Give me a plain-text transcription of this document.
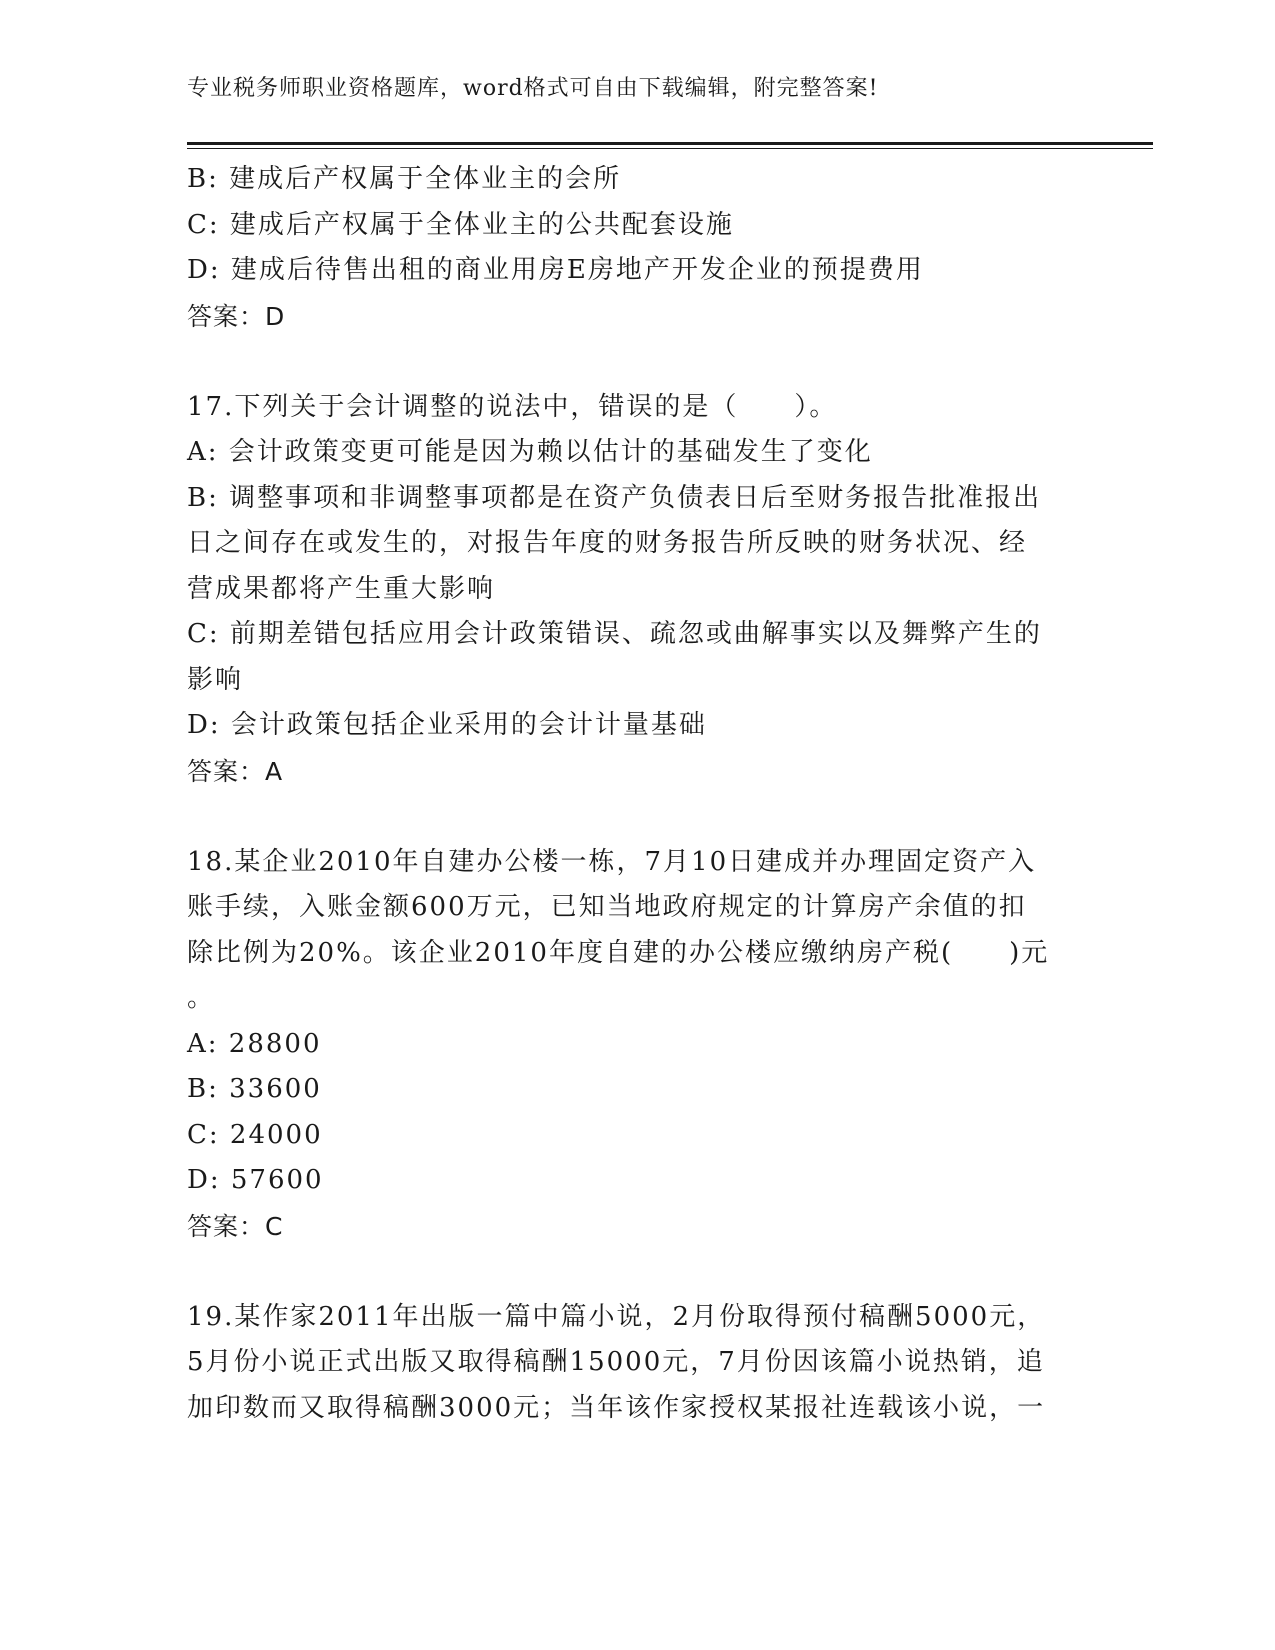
专业税务师职业资格题库，word格式可自由下载编辑，附完整答案!
B: 建成后产权属于全体业主的会所
C: 建成后产权属于全体业主的公共配套设施
D: 建成后待售出租的商业用房E房地产开发企业的预提费用
答案：D
17.下列关于会计调整的说法中，错误的是（　　）。
A: 会计政策变更可能是因为赖以估计的基础发生了变化
B: 调整事项和非调整事项都是在资产负债表日后至财务报告批准报出
日之间存在或发生的，对报告年度的财务报告所反映的财务状况、经
营成果都将产生重大影响
C: 前期差错包括应用会计政策错误、疏忽或曲解事实以及舞弊产生的
影响
D: 会计政策包括企业采用的会计计量基础
答案：A
18.某企业2010年自建办公楼一栋，7月10日建成并办理固定资产入
账手续，入账金额600万元，已知当地政府规定的计算房产余值的扣
除比例为20%。该企业2010年度自建的办公楼应缴纳房产税(　　)元
。
A: 28800
B: 33600
C: 24000
D: 57600
答案：C
19.某作家2011年出版一篇中篇小说，2月份取得预付稿酬5000元，
5月份小说正式出版又取得稿酬15000元，7月份因该篇小说热销，追
加印数而又取得稿酬3000元；当年该作家授权某报社连载该小说，一
